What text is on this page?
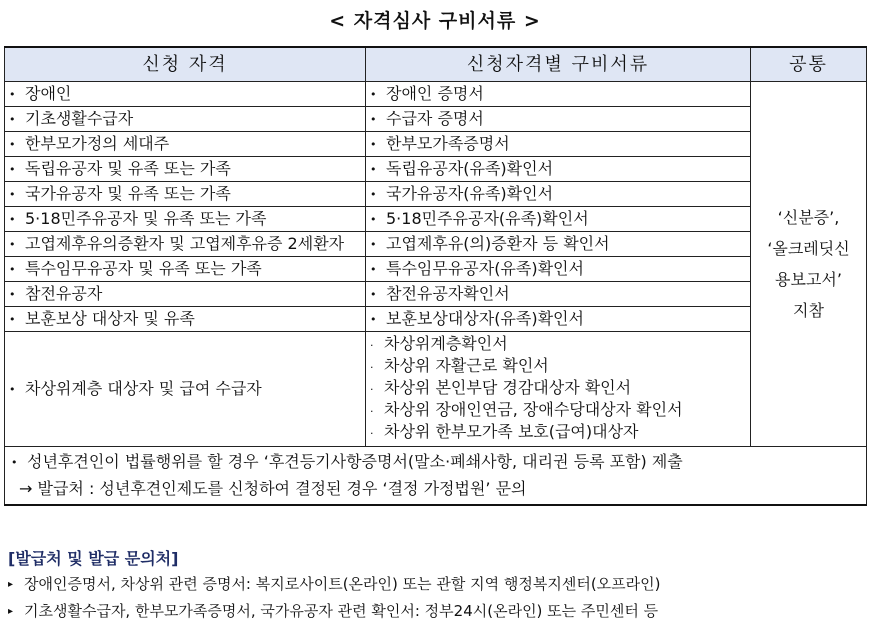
< 자격심사 구비서류 >
신청 자격	신청자격별 구비서류	공통
• 장애인	• 장애인 증명서	‘신분증’,
‘올크레딧신
용보고서’
지참

• 기초생활수급자	• 수급자 증명서	
• 한부모가정의 세대주	• 한부모가족증명서	
• 독립유공자 및 유족 또는 가족	• 독립유공자(유족)확인서	
• 국가유공자 및 유족 또는 가족	• 국가유공자(유족)확인서	
• 5·18민주유공자 및 유족 또는 가족	• 5·18민주유공자(유족)확인서	
• 고엽제후유의증환자 및 고엽제후유증 2세환자	• 고엽제후유(의)증환자 등 확인서	
• 특수임무유공자 및 유족 또는 가족	• 특수임무유공자(유족)확인서	
• 참전유공자	• 참전유공자확인서	
• 보훈보상 대상자 및 유족	• 보훈보상대상자(유족)확인서	
• 차상위계층 대상자 및 급여 수급자	· 차상위계층확인서
· 차상위 자활근로 확인서
· 차상위 본인부담 경감대상자 확인서
· 차상위 장애인연금, 장애수당대상자 확인서
· 차상위 한부모가족 보호(급여)대상자	

• 성년후견인이 법률행위를 할 경우 ‘후견등기사항증명서(말소·폐쇄사항, 대리권 등록 포함) 제출
→ 발급처 : 성년후견인제도를 신청하여 결정된 경우 ‘결정 가정법원’ 문의		
[발급처 및 발급 문의처]
▸ 장애인증명서, 차상위 관련 증명서: 복지로사이트(온라인) 또는 관할 지역 행정복지센터(오프라인)
▸ 기초생활수급자, 한부모가족증명서, 국가유공자 관련 확인서: 정부24시(온라인) 또는 주민센터 등
